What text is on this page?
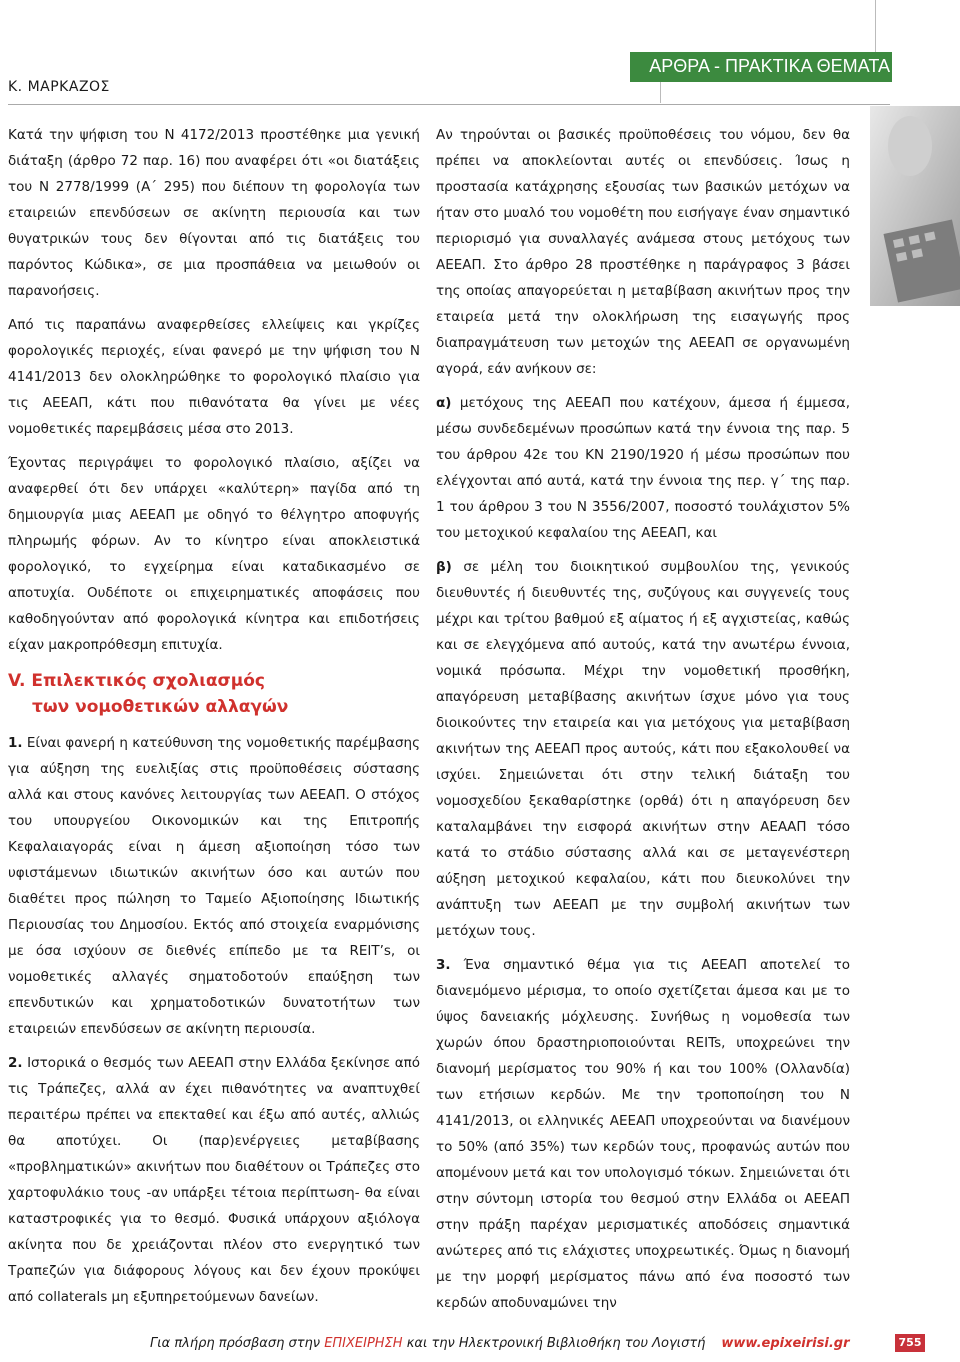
Κ. ΜΑΡΚΑΖΟΣ
ΑΡΘΡΑ - ΠΡΑΚΤΙΚΑ ΘΕΜΑΤΑ

Κατά την ψήφιση του Ν 4172/2013 προστέθηκε μια γενική διάταξη (άρθρο 72 παρ. 16) που αναφέρει ότι «οι διατάξεις του Ν 2778/1999 (Α΄ 295) που διέπουν τη φορολογία των εταιρειών επενδύσεων σε ακίνητη περιουσία και των θυγατρικών τους δεν θίγονται από τις διατάξεις του παρόντος Κώδικα», σε μια προσπάθεια να μειωθούν οι παρανοήσεις.

Από τις παραπάνω αναφερθείσες ελλείψεις και γκρίζες φορολογικές περιοχές, είναι φανερό με την ψήφιση του Ν 4141/2013 δεν ολοκληρώθηκε το φορολογικό πλαίσιο για τις ΑΕΕΑΠ, κάτι που πιθανότατα θα γίνει με νέες νομοθετικές παρεμβάσεις μέσα στο 2013.

Έχοντας περιγράψει το φορολογικό πλαίσιο, αξίζει να αναφερθεί ότι δεν υπάρχει «καλύτερη» παγίδα από τη δημιουργία μιας ΑΕΕΑΠ με οδηγό το θέλγητρο αποφυγής πληρωμής φόρων. Αν το κίνητρο είναι αποκλειστικά φορολογικό, το εγχείρημα είναι καταδικασμένο σε αποτυχία. Ουδέποτε οι επιχειρηματικές αποφάσεις που καθοδηγούνταν από φορολογικά κίνητρα και επιδοτήσεις είχαν μακροπρόθεσμη επιτυχία.

V. Επιλεκτικός σχολιασμός
των νομοθετικών αλλαγών

1. Είναι φανερή η κατεύθυνση της νομοθετικής παρέμβασης για αύξηση της ευελιξίας στις προϋποθέσεις σύστασης αλλά και στους κανόνες λειτουργίας των ΑΕΕΑΠ. Ο στόχος του υπουργείου Οικονομικών και της Επιτροπής Κεφαλαιαγοράς είναι η άμεση αξιοποίηση τόσο των υφιστάμενων ιδιωτικών ακινήτων όσο και αυτών που διαθέτει προς πώληση το Ταμείο Αξιοποίησης Ιδιωτικής Περιουσίας του Δημοσίου. Εκτός από στοιχεία εναρμόνισης με όσα ισχύουν σε διεθνές επίπεδο με τα REIT’s, οι νομοθετικές αλλαγές σηματοδοτούν επαύξηση των επενδυτικών και χρηματοδοτικών δυνατοτήτων των εταιρειών επενδύσεων σε ακίνητη περιουσία.

2. Ιστορικά ο θεσμός των ΑΕΕΑΠ στην Ελλάδα ξεκίνησε από τις Τράπεζες, αλλά αν έχει πιθανότητες να αναπτυχθεί περαιτέρω πρέπει να επεκταθεί και έξω από αυτές, αλλιώς θα αποτύχει. Οι (παρ)ενέργειες μεταβίβασης «προβληματικών» ακινήτων που διαθέτουν οι Τράπεζες στο χαρτοφυλάκιο τους -αν υπάρξει τέτοια περίπτωση- θα είναι καταστροφικές για το θεσμό. Φυσικά υπάρχουν αξιόλογα ακίνητα που δε χρειάζονται πλέον στο ενεργητικό των Τραπεζών για διάφορους λόγους και δεν έχουν προκύψει από collaterals μη εξυπηρετούμενων δανείων.

Αν τηρούνται οι βασικές προϋποθέσεις του νόμου, δεν θα πρέπει να αποκλείονται αυτές οι επενδύσεις. Ίσως η προστασία κατάχρησης εξουσίας των βασικών μετόχων να ήταν στο μυαλό του νομοθέτη που εισήγαγε έναν σημαντικό περιορισμό για συναλλαγές ανάμεσα στους μετόχους των ΑΕΕΑΠ. Στο άρθρο 28 προστέθηκε η παράγραφος 3 βάσει της οποίας απαγορεύεται η μεταβίβαση ακινήτων προς την εταιρεία μετά την ολοκλήρωση της εισαγωγής προς διαπραγμάτευση των μετοχών της ΑΕΕΑΠ σε οργανωμένη αγορά, εάν ανήκουν σε:

α) μετόχους της ΑΕΕΑΠ που κατέχουν, άμεσα ή έμμεσα, μέσω συνδεδεμένων προσώπων κατά την έννοια της παρ. 5 του άρθρου 42ε του ΚΝ 2190/1920 ή μέσω προσώπων που ελέγχονται από αυτά, κατά την έννοια της περ. γ΄ της παρ. 1 του άρθρου 3 του Ν 3556/2007, ποσοστό τουλάχιστον 5% του μετοχικού κεφαλαίου της ΑΕΕΑΠ, και

β) σε μέλη του διοικητικού συμβουλίου της, γενικούς διευθυντές ή διευθυντές της, συζύγους και συγγενείς τους μέχρι και τρίτου βαθμού εξ αίματος ή εξ αγχιστείας, καθώς και σε ελεγχόμενα από αυτούς, κατά την ανωτέρω έννοια, νομικά πρόσωπα. Μέχρι την νομοθετική προσθήκη, απαγόρευση μεταβίβασης ακινήτων ίσχυε μόνο για τους διοικούντες την εταιρεία και για μετόχους για μεταβίβαση ακινήτων της ΑΕΕΑΠ προς αυτούς, κάτι που εξακολουθεί να ισχύει. Σημειώνεται ότι στην τελική διάταξη του νομοσχεδίου ξεκαθαρίστηκε (ορθά) ότι η απαγόρευση δεν καταλαμβάνει την εισφορά ακινήτων στην ΑΕΑΑΠ τόσο κατά το στάδιο σύστασης αλλά και σε μεταγενέστερη αύξηση μετοχικού κεφαλαίου, κάτι που διευκολύνει την ανάπτυξη των ΑΕΕΑΠ με την συμβολή ακινήτων των μετόχων τους.

3. Ένα σημαντικό θέμα για τις ΑΕΕΑΠ αποτελεί το διανεμόμενο μέρισμα, το οποίο σχετίζεται άμεσα και με το ύψος δανειακής μόχλευσης. Συνήθως η νομοθεσία των χωρών όπου δραστηριοποιούνται REITs, υποχρεώνει την διανομή μερίσματος του 90% ή και του 100% (Ολλανδία) των ετήσιων κερδών. Με την τροποποίηση του Ν 4141/2013, οι ελληνικές ΑΕΕΑΠ υποχρεούνται να διανέμουν το 50% (από 35%) των κερδών τους, προφανώς αυτών που απομένουν μετά και τον υπολογισμό τόκων. Σημειώνεται ότι στην σύντομη ιστορία του θεσμού στην Ελλάδα οι ΑΕΕΑΠ στην πράξη παρέχαν μερισματικές αποδόσεις σημαντικά ανώτερες από τις ελάχιστες υποχρεωτικές. Όμως η διανομή με την μορφή μερίσματος πάνω από ένα ποσοστό των κερδών αποδυναμώνει την

Για πλήρη πρόσβαση στην ΕΠΙΧΕΙΡΗΣΗ και την Ηλεκτρονική Βιβλιοθήκη του Λογιστή www.epixeirisi.gr	755
